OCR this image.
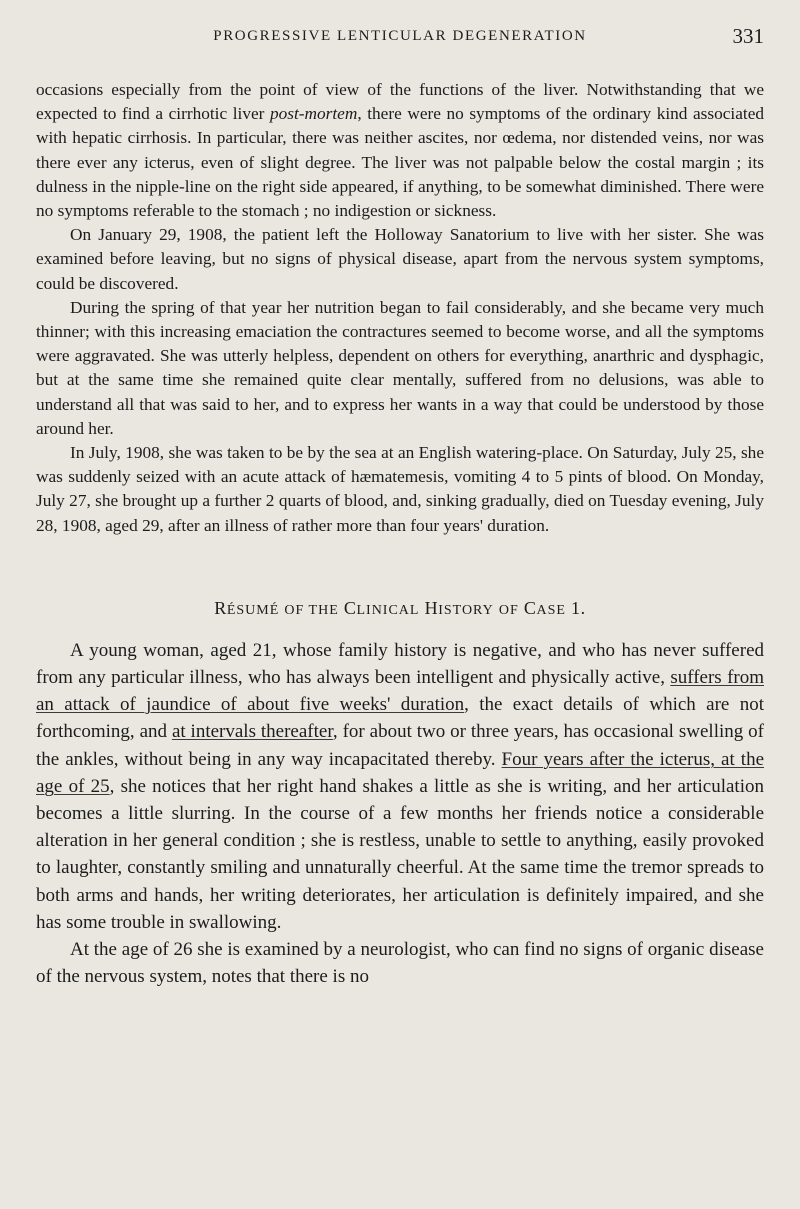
PROGRESSIVE LENTICULAR DEGENERATION	331

occasions especially from the point of view of the functions of the liver. Notwithstanding that we expected to find a cirrhotic liver post-mortem, there were no symptoms of the ordinary kind associated with hepatic cirrhosis. In particular, there was neither ascites, nor œdema, nor distended veins, nor was there ever any icterus, even of slight degree. The liver was not palpable below the costal margin ; its dulness in the nipple-line on the right side appeared, if anything, to be somewhat diminished. There were no symptoms referable to the stomach ; no indigestion or sickness.

On January 29, 1908, the patient left the Holloway Sanatorium to live with her sister. She was examined before leaving, but no signs of physical disease, apart from the nervous system symptoms, could be discovered.

During the spring of that year her nutrition began to fail considerably, and she became very much thinner; with this increasing emaciation the contractures seemed to become worse, and all the symptoms were aggravated. She was utterly helpless, dependent on others for everything, anarthric and dysphagic, but at the same time she remained quite clear mentally, suffered from no delusions, was able to understand all that was said to her, and to express her wants in a way that could be understood by those around her.

In July, 1908, she was taken to be by the sea at an English watering-place. On Saturday, July 25, she was suddenly seized with an acute attack of hæmatemesis, vomiting 4 to 5 pints of blood. On Monday, July 27, she brought up a further 2 quarts of blood, and, sinking gradually, died on Tuesday evening, July 28, 1908, aged 29, after an illness of rather more than four years' duration.

RÉSUMÉ OF THE CLINICAL HISTORY OF CASE 1.

A young woman, aged 21, whose family history is negative, and who has never suffered from any particular illness, who has always been intelligent and physically active, suffers from an attack of jaundice of about five weeks' duration, the exact details of which are not forthcoming, and at intervals thereafter, for about two or three years, has occasional swelling of the ankles, without being in any way incapacitated thereby. Four years after the icterus, at the age of 25, she notices that her right hand shakes a little as she is writing, and her articulation becomes a little slurring. In the course of a few months her friends notice a considerable alteration in her general condition ; she is restless, unable to settle to anything, easily provoked to laughter, constantly smiling and unnaturally cheerful. At the same time the tremor spreads to both arms and hands, her writing deteriorates, her articulation is definitely impaired, and she has some trouble in swallowing.

At the age of 26 she is examined by a neurologist, who can find no signs of organic disease of the nervous system, notes that there is no
